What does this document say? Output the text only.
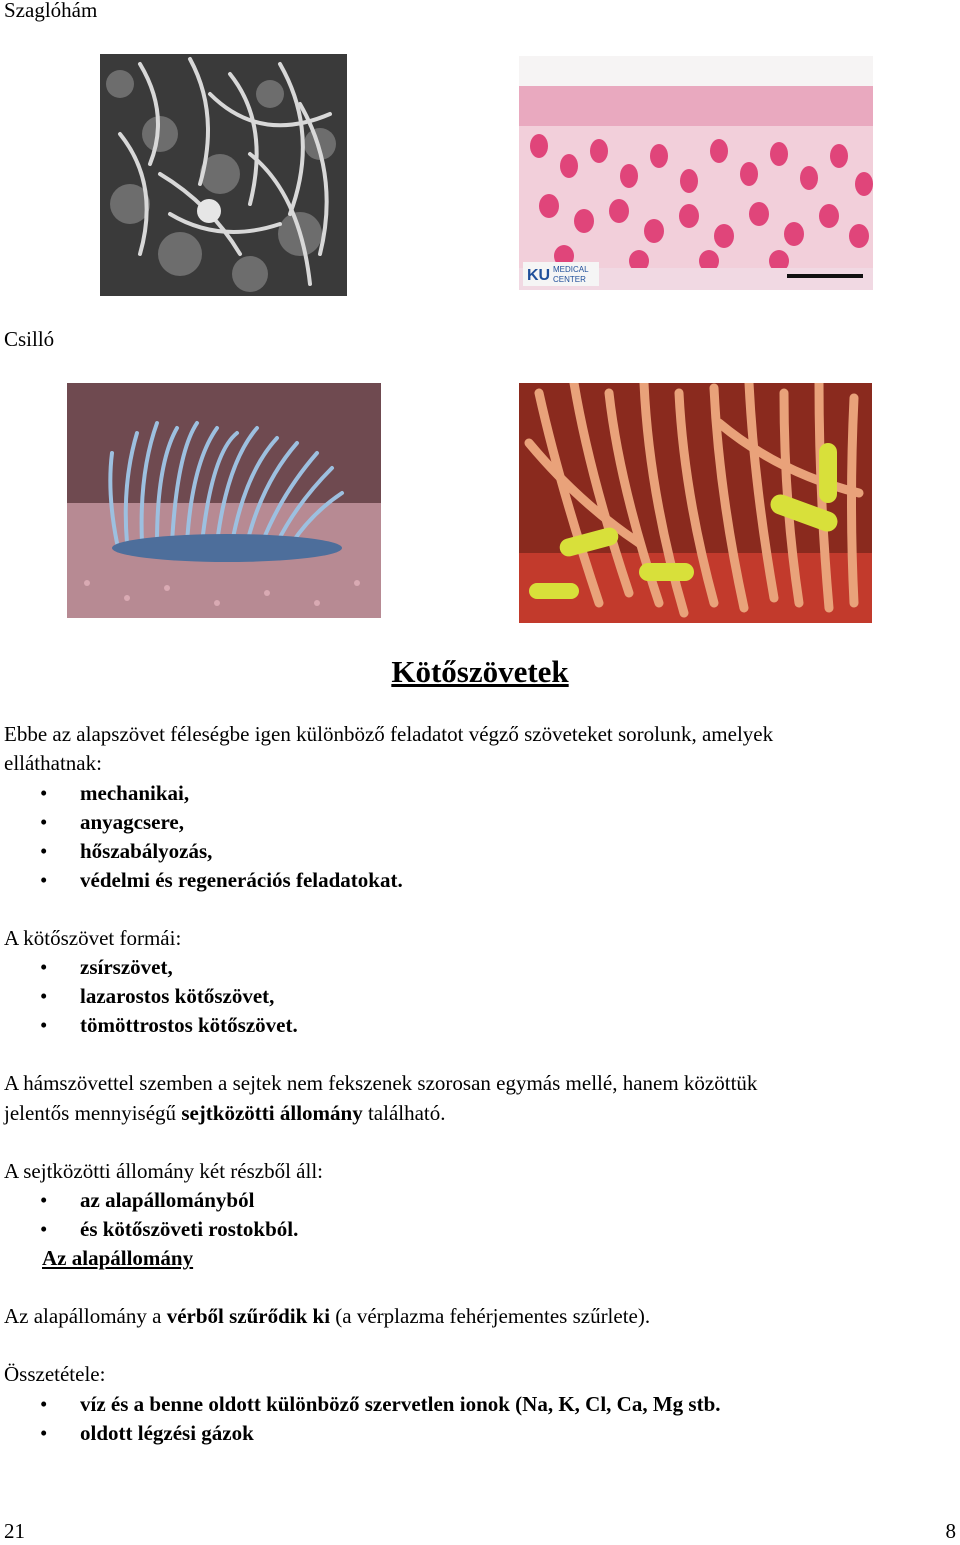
Szaglóhám
KU MEDICAL
CENTER
Csilló
Kötőszövetek
Ebbe az alapszövet féleségbe igen különböző feladatot végző szöveteket sorolunk, amelyek
elláthatnak:
mechanikai,
anyagcsere,
hőszabályozás,
védelmi és regenerációs feladatokat.
A kötőszövet formái:
zsírszövet,
lazarostos kötőszövet,
tömöttrostos kötőszövet.
A hámszövettel szemben a sejtek nem fekszenek szorosan egymás mellé, hanem közöttük
jelentős mennyiségű sejtközötti állomány található.
A sejtközötti állomány két részből áll:
az alapállományból
és kötőszöveti rostokból.
Az alapállomány
Az alapállomány a vérből szűrődik ki (a vérplazma fehérjementes szűrlete).
Összetétele:
víz és a benne oldott különböző szervetlen ionok (Na, K, Cl, Ca, Mg stb.
oldott légzési gázok
21	8
